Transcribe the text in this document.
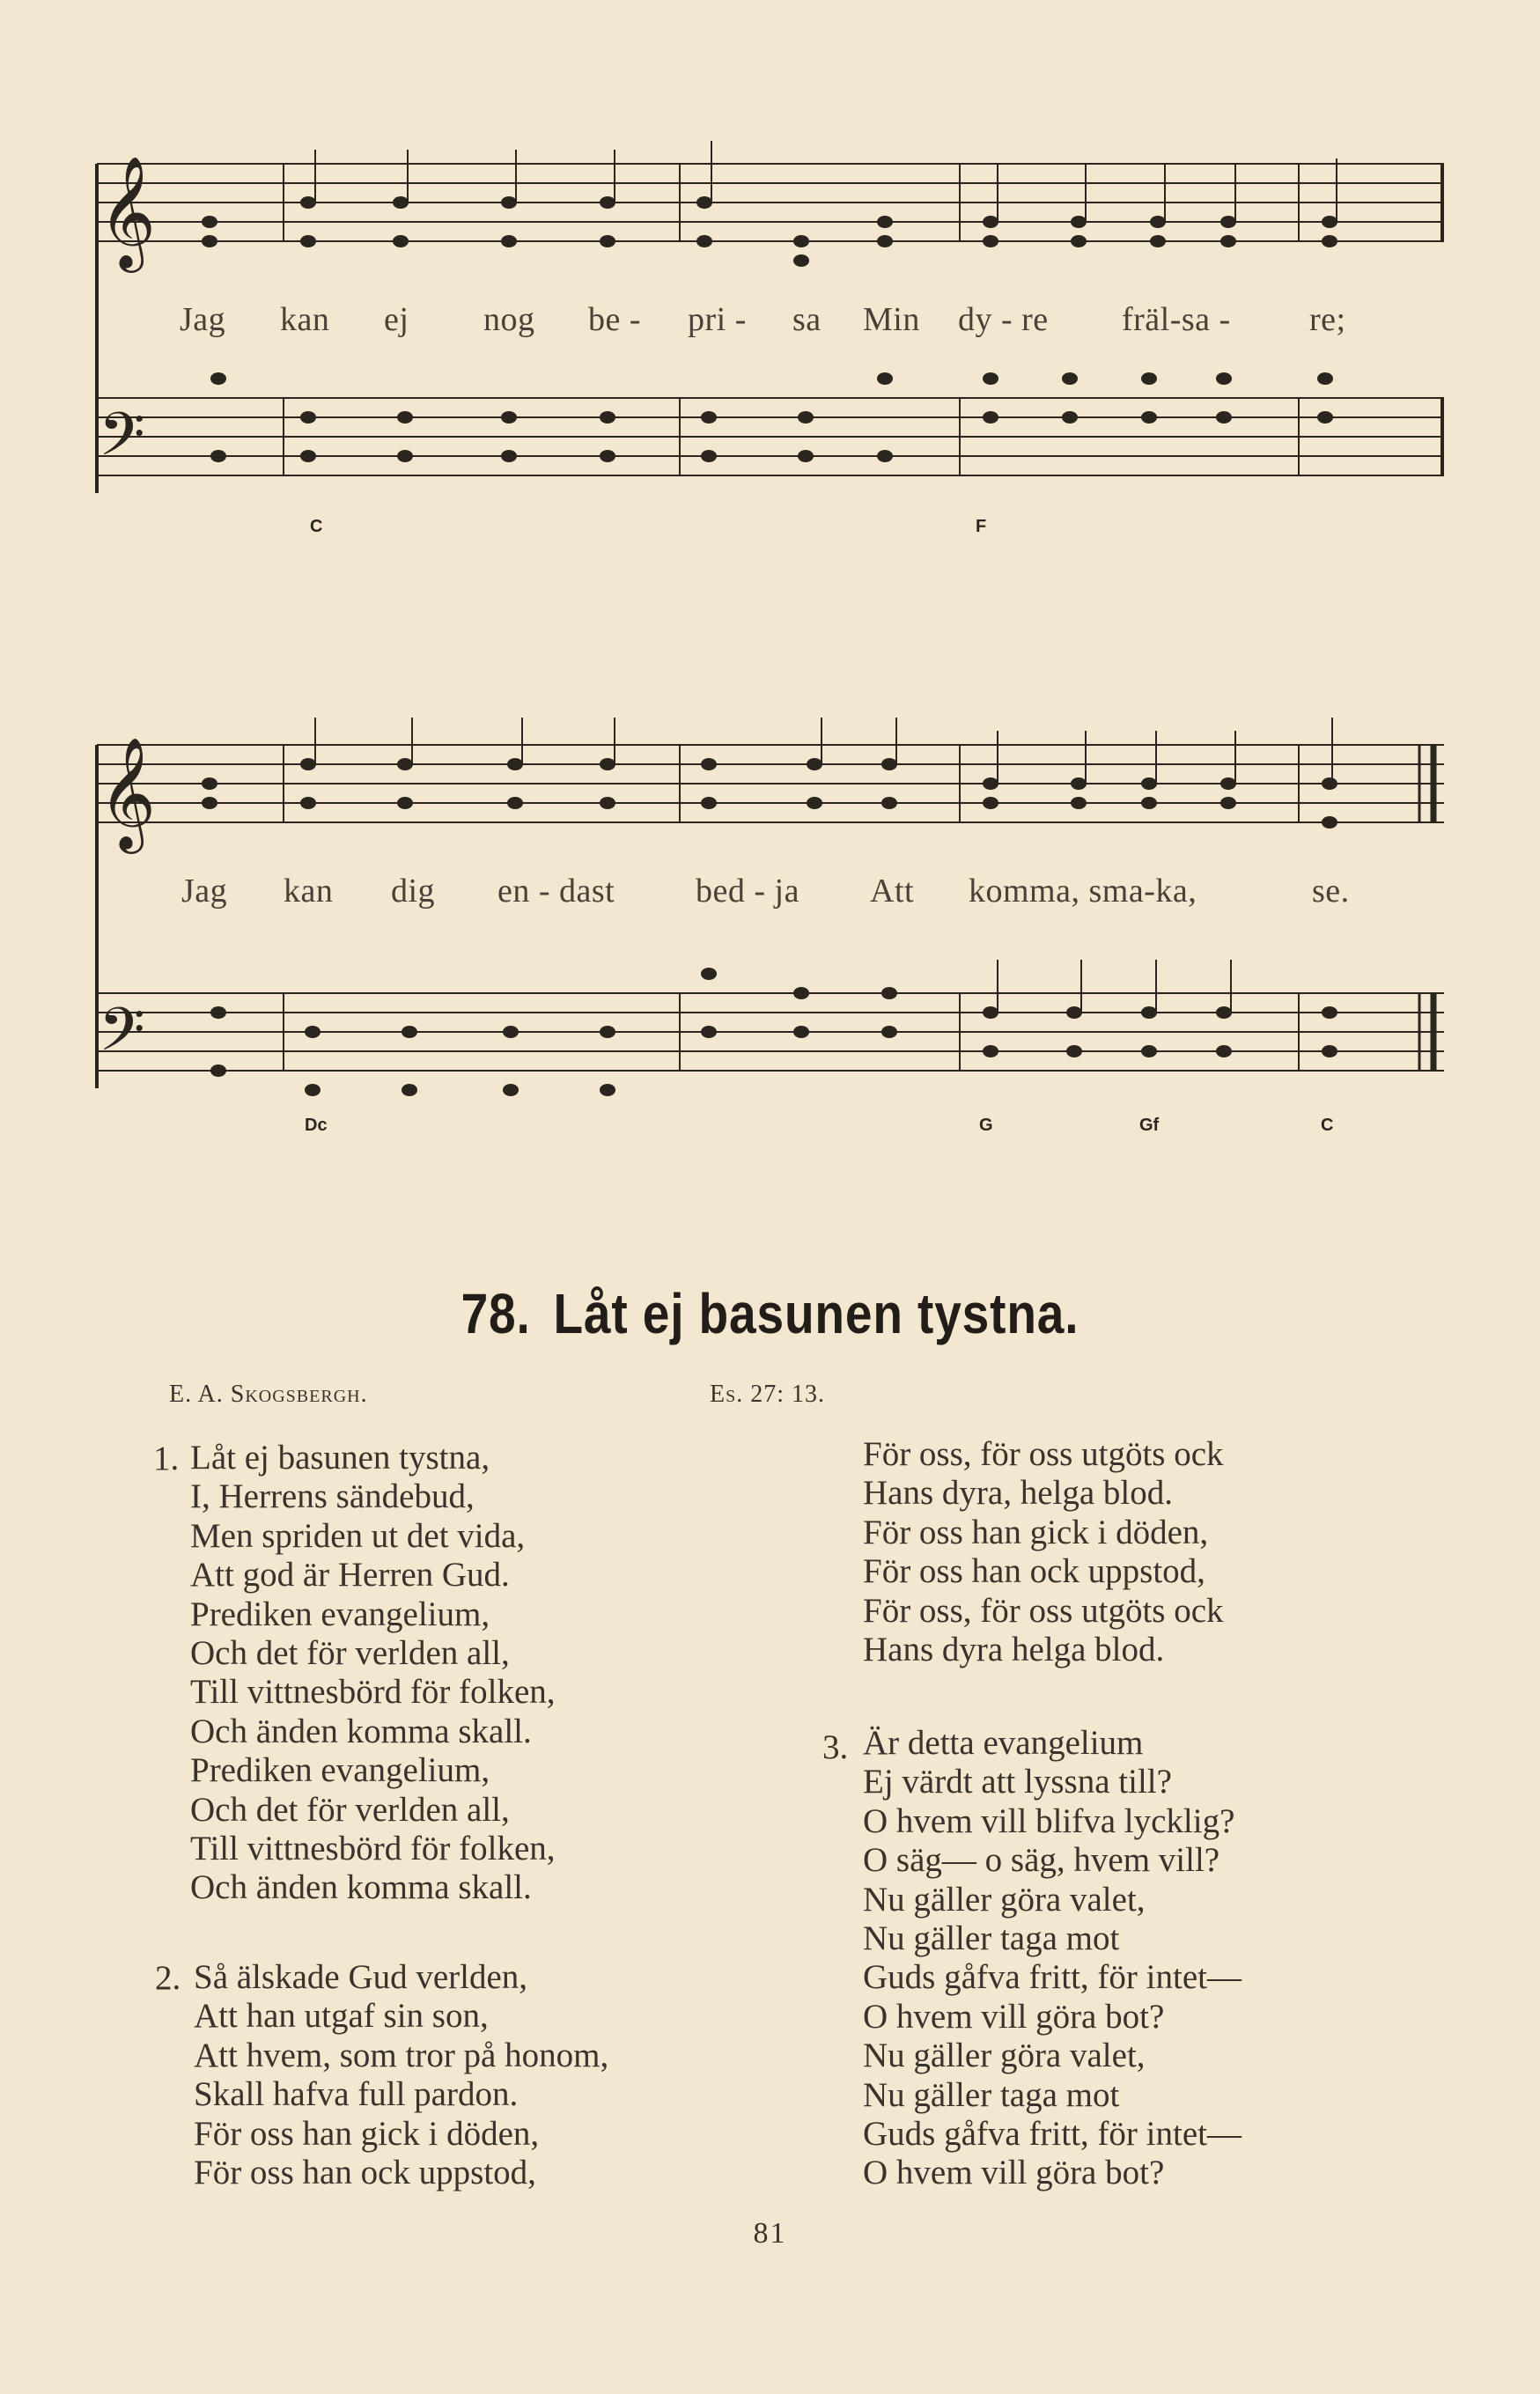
𝄞
𝄢
𝄞
𝄢
Jag kan ej nog be - pri - sa Min dy - re fräl-sa - re;
C	F
Jag kan dig en - dast bed - ja Att komma, sma-ka,	se.
Dc	G	Gf	C
78. Låt ej basunen tystna.
E. A. Skogsbergh.	Es. 27: 13.
1. Låt ej basunen tystna,
I, Herrens sändebud,
Men spriden ut det vida,
Att god är Herren Gud.
Prediken evangelium,
Och det för verlden all,
Till vittnesbörd för folken,
Och änden komma skall.
Prediken evangelium,
Och det för verlden all,
Till vittnesbörd för folken,
Och änden komma skall.
2. Så älskade Gud verlden,
Att han utgaf sin son,
Att hvem, som tror på honom,
Skall hafva full pardon.
För oss han gick i döden,
För oss han ock uppstod,
För oss, för oss utgöts ock
Hans dyra, helga blod.
För oss han gick i döden,
För oss han ock uppstod,
För oss, för oss utgöts ock
Hans dyra helga blod.
3. Är detta evangelium
Ej värdt att lyssna till?
O hvem vill blifva lycklig?
O säg— o säg, hvem vill?
Nu gäller göra valet,
Nu gäller taga mot
Guds gåfva fritt, för intet—
O hvem vill göra bot?
Nu gäller göra valet,
Nu gäller taga mot
Guds gåfva fritt, för intet—
O hvem vill göra bot?
81
